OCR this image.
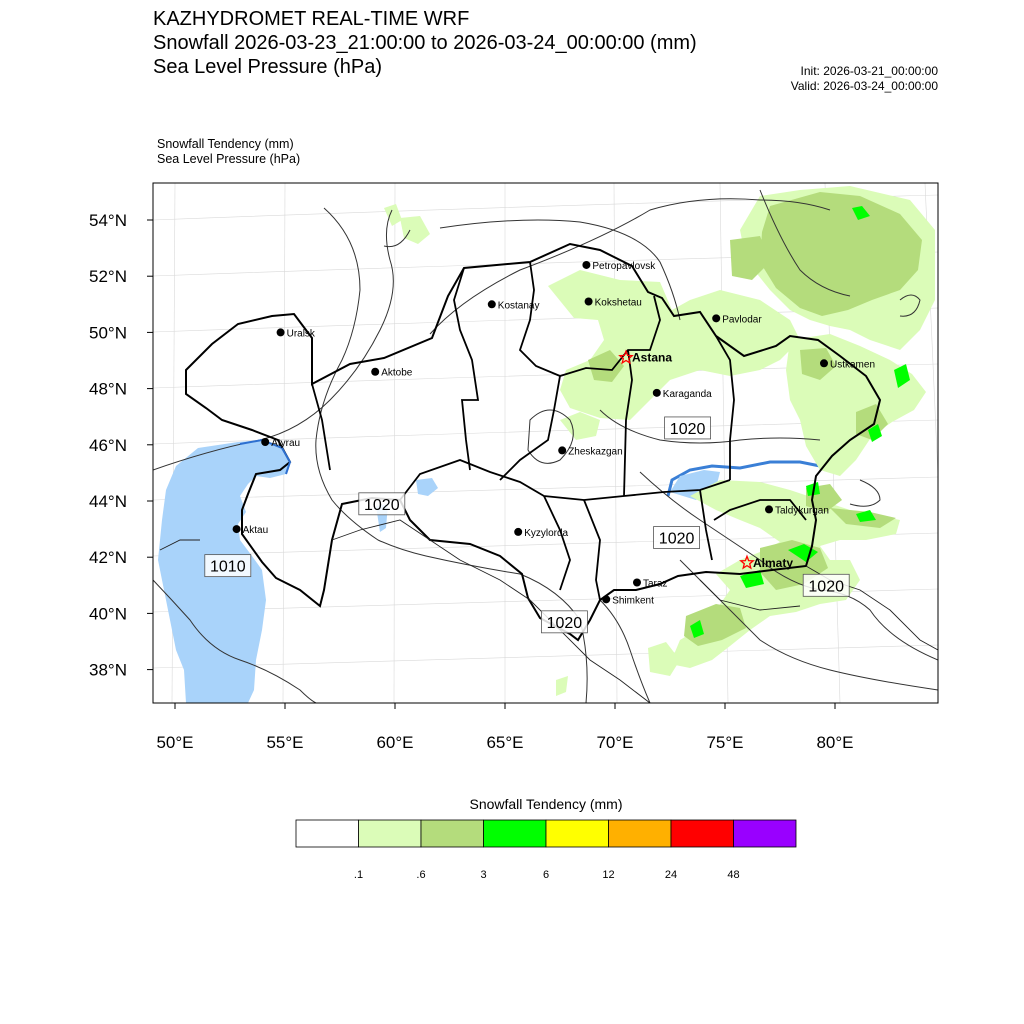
KAZHYDROMET REAL-TIME WRF
Snowfall 2026-03-23_21:00:00 to 2026-03-24_00:00:00 (mm)
Sea Level Pressure (hPa)	Init: 2026-03-21_00:00:00
Valid: 2026-03-24_00:00:00
Snowfall Tendency (mm)
Sea Level Pressure (hPa)
50°E	55°E	60°E	65°E	70°E	75°E	80°E
54°N
52°N
50°N
48°N
46°N
44°N
42°N
40°N
38°N
Petropavlovsk
Kostanay	Kokshetau
Pavlodar
Uralsk
Astana
Ustkamen
Aktobe
Karaganda
Atyrau
Zheskazgan
Aktau	Kyzylorda
Taldykurgan
Almaty
Taraz
Shimkent
1020
1020
1010
1020
1020
1020
.1	.6	3	6	12	24	48
Snowfall Tendency (mm)
